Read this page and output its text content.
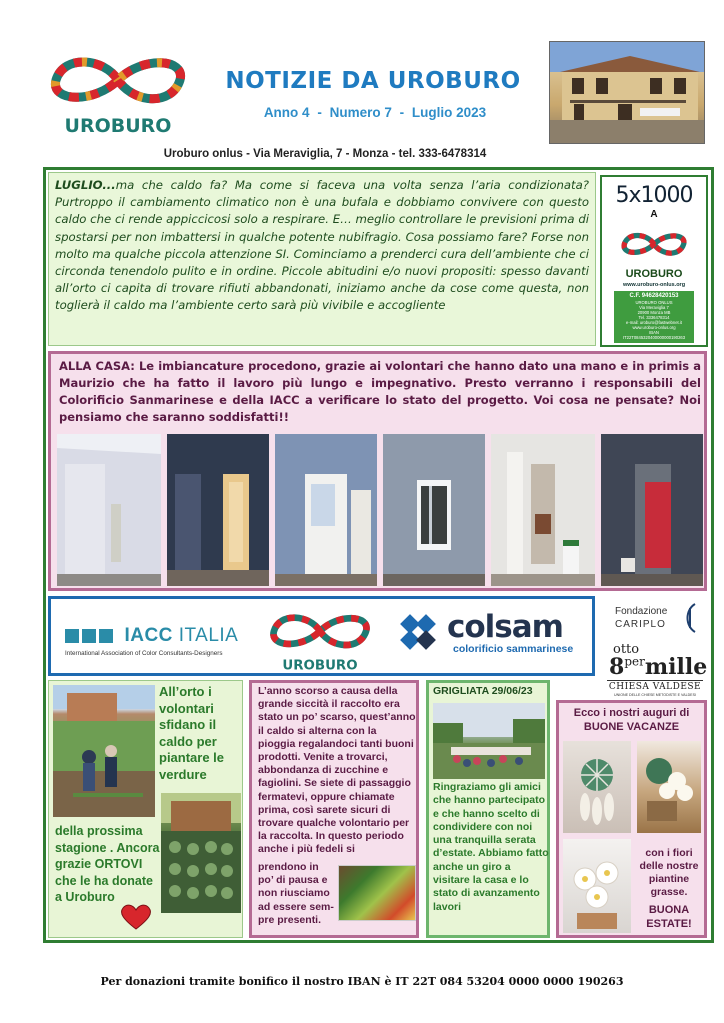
UROBURO
NOTIZIE DA UROBURO
Anno 4 - Numero 7 - Luglio 2023
Uroburo onlus - Via Meraviglia, 7 - Monza - tel. 333-6478314
LUGLIO...ma che caldo fa? Ma come si faceva una volta senza l’aria condizionata? Purtroppo il cambiamento climatico non è una bufala e dobbiamo convivere con questo caldo che ci rende appiccicosi solo a respirare. E… meglio controllare le previsioni prima di spostarsi per non imbattersi in qualche potente nubifragio. Cosa possiamo fare? Forse non molto ma qualche piccola attenzione SI. Cominciamo a prenderci cura dell’ambiente che ci circonda tenendolo pulito e in ordine. Piccole abitudini e/o nuovi propositi: spesso davanti all’orto ci capita di trovare rifiuti abbandonati, iniziamo anche da cose come questa, non toglierà il caldo ma l’ambiente certo sarà più vivibile e accogliente
5x1000
A
UROBURO
www.uroburo-onlus.org
C.F. 94628420153
UROBURO ONLUS
Via Meraviglia 7
20900 Monza MB
Tel. 3336478314
e-mail: uroburo@fastwebnet.it
www.uroburo-onlus.org
IBAN
IT22T0845320400000000190263
ALLA CASA: Le imbiancature procedono, grazie ai volontari che hanno dato una mano e in primis a Maurizio che ha fatto il lavoro più lungo e impegnativo. Presto verranno i responsabili del Colorificio Sanmarinese e della IACC a verificare lo stato del progetto. Voi cosa ne pensate? Noi pensiamo che saranno soddisfatti!!
IACC ITALIA
International Association of Color Consultants-Designers
UROBURO
colsam
colorificio sammarinese
Fondazione
CARIPLO
otto
$8^{per}mille$
CHIESA VALDESE
UNIONE DELLE CHIESE METODISTE E VALDESI
All’orto i volontari sfidano il caldo per piantare le verdure
della prossima stagione . Ancora grazie ORTOVI che le ha donate a Uroburo
L’anno scorso a causa della grande siccità il raccolto era stato un po’ scarso, quest’anno il caldo si alterna con la pioggia regalandoci tanti buoni prodotti. Venite a trovarci, abbondanza di zucchine e fagiolini. Se siete di passaggio fermatevi, oppure chiamate prima, così sarete sicuri di trovare qualche volontario per la raccolta. In questo periodo anche i più fedeli si
prendono in po’ di pausa e non riusciamo ad essere sempre presenti.
GRIGLIATA 29/06/23
Ringraziamo gli amici che hanno partecipato e che hanno scelto di condividere con noi una tranquilla serata d’estate. Abbiamo fatto anche un giro a visitare la casa e lo stato di avanzamento lavori
Ecco i nostri auguri di
BUONE VACANZE
con i fiori delle nostre piantine grasse.
BUONA ESTATE!
Per donazioni tramite bonifico il nostro IBAN è IT 22T 084 53204 0000 0000 190263
